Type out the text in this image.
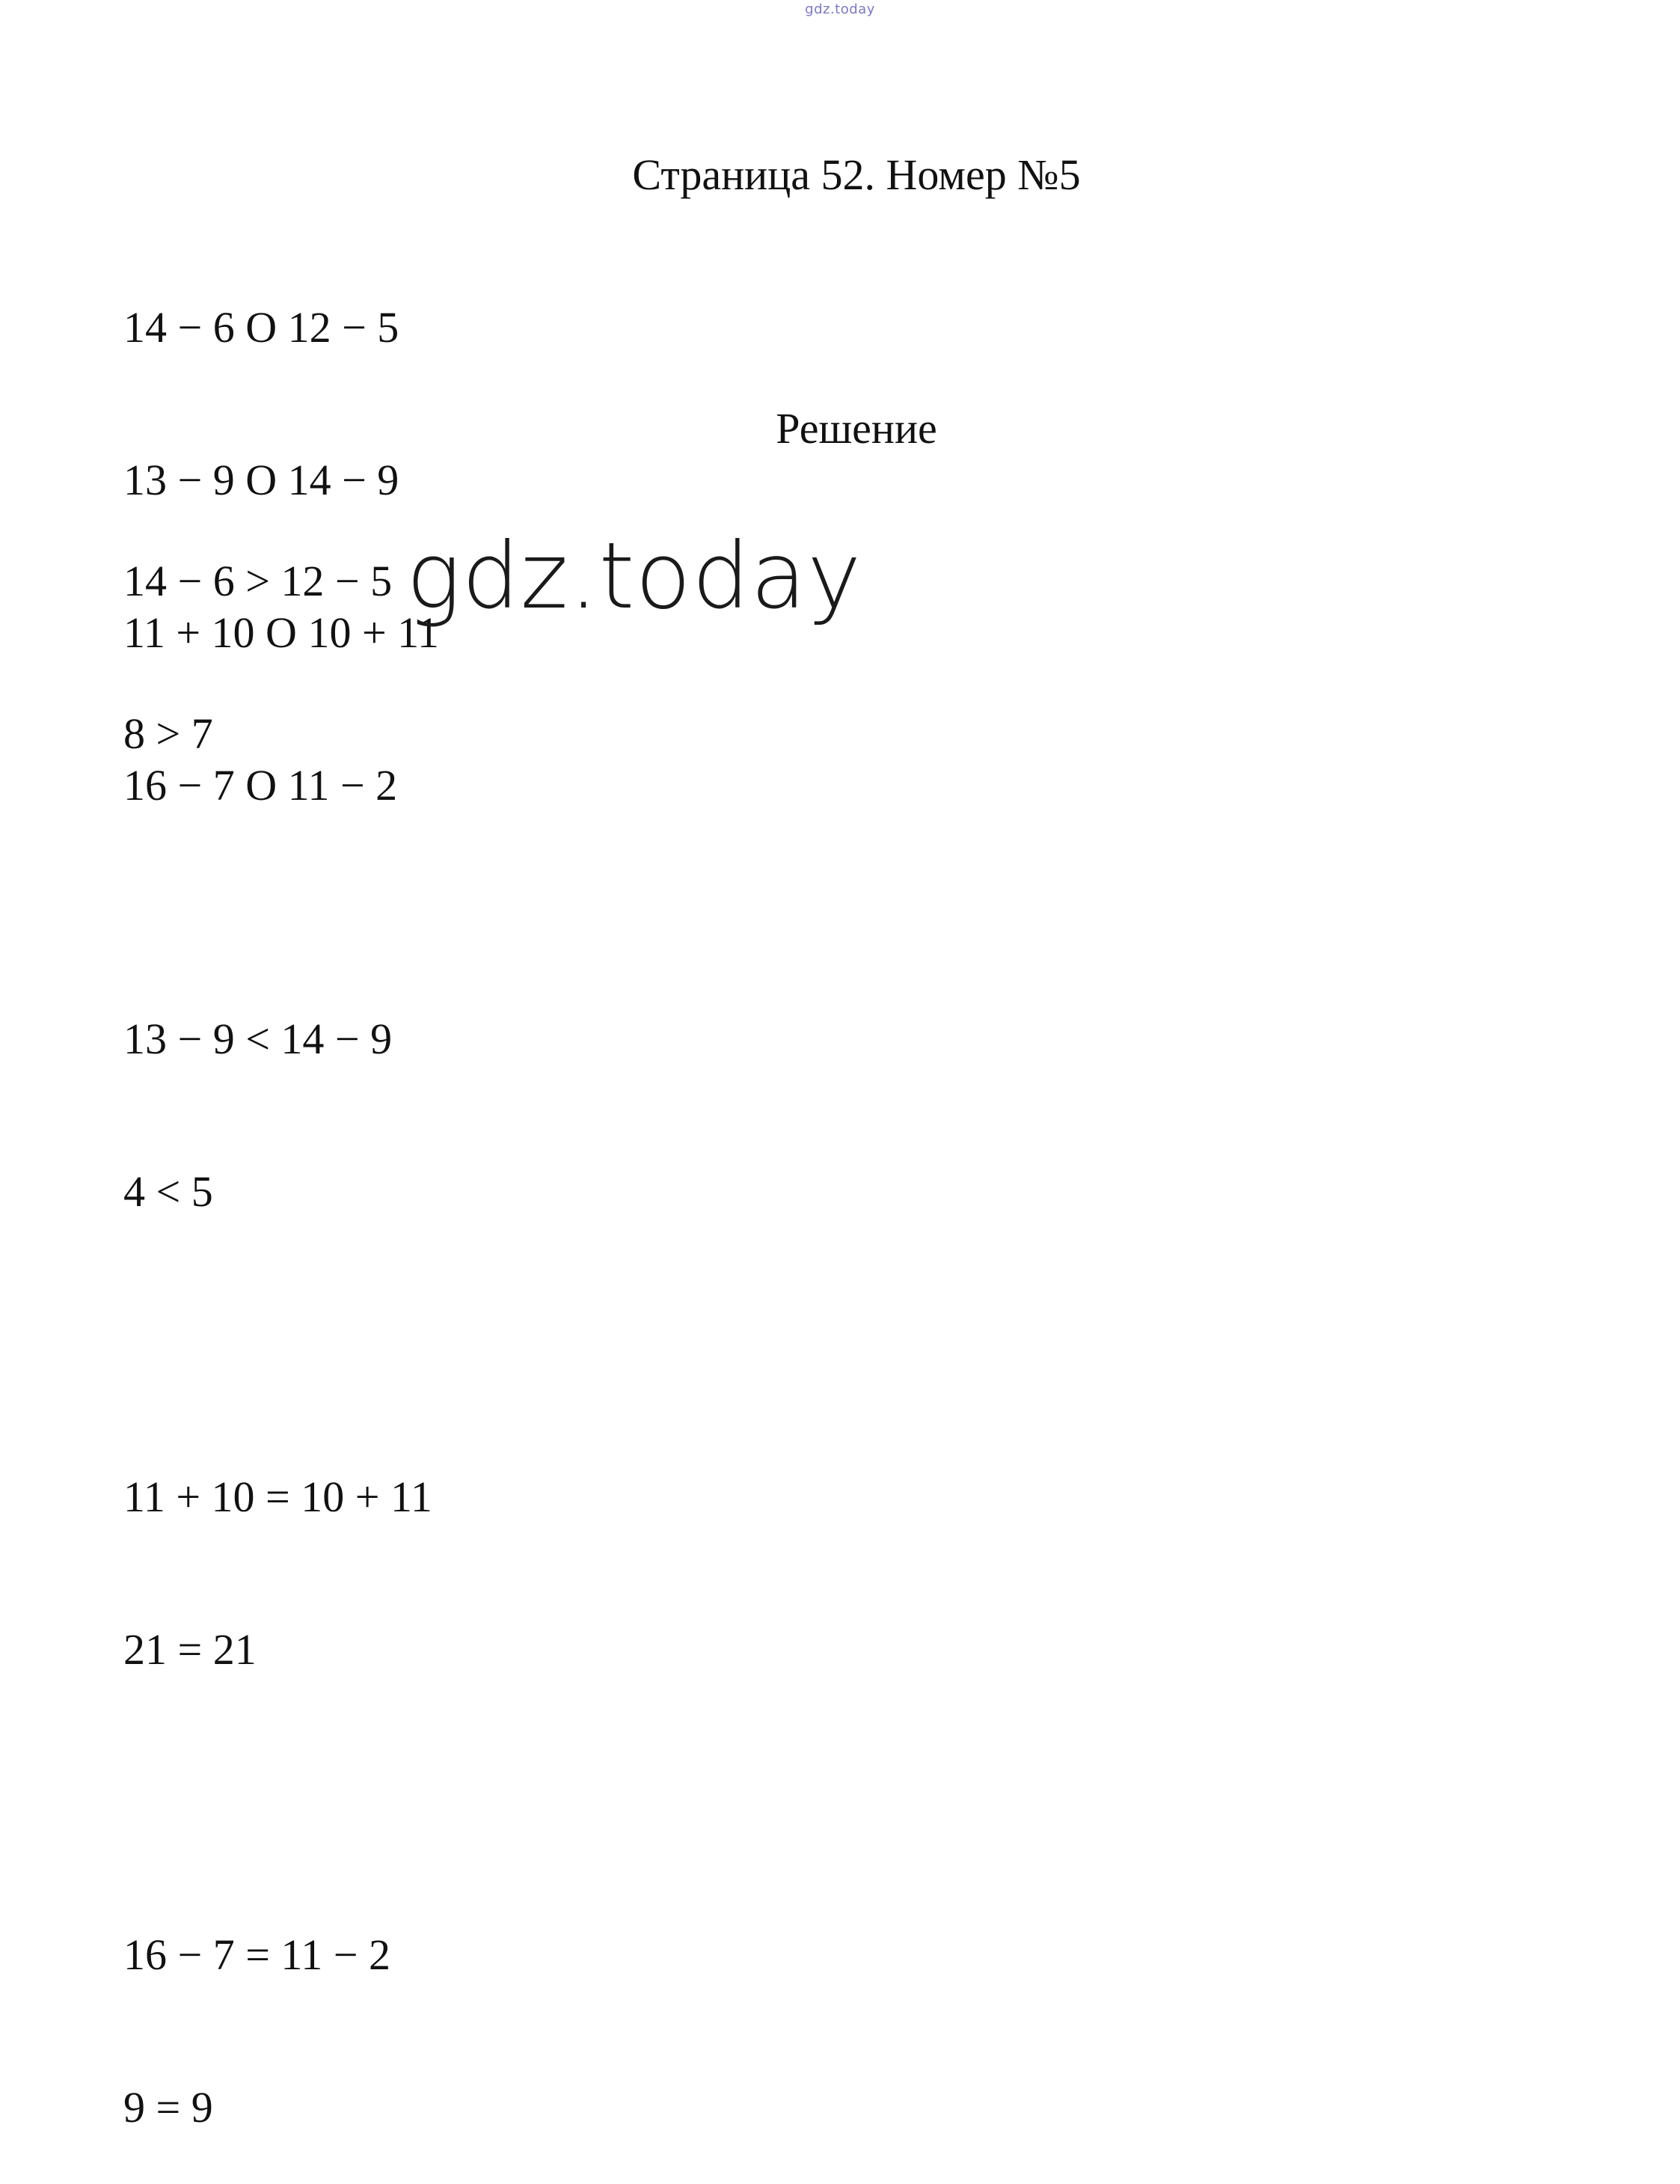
gdz.today
Страница 52. Номер №5

14 − 6 O 12 − 5

13 − 9 O 14 − 9

11 + 10 O 10 + 11

16 − 7 O 11 − 2

Решение

14 − 6 > 12 − 5

8 > 7

13 − 9 < 14 − 9

4 < 5

11 + 10 = 10 + 11

21 = 21

16 − 7 = 11 − 2

9 = 9

gdz.today
